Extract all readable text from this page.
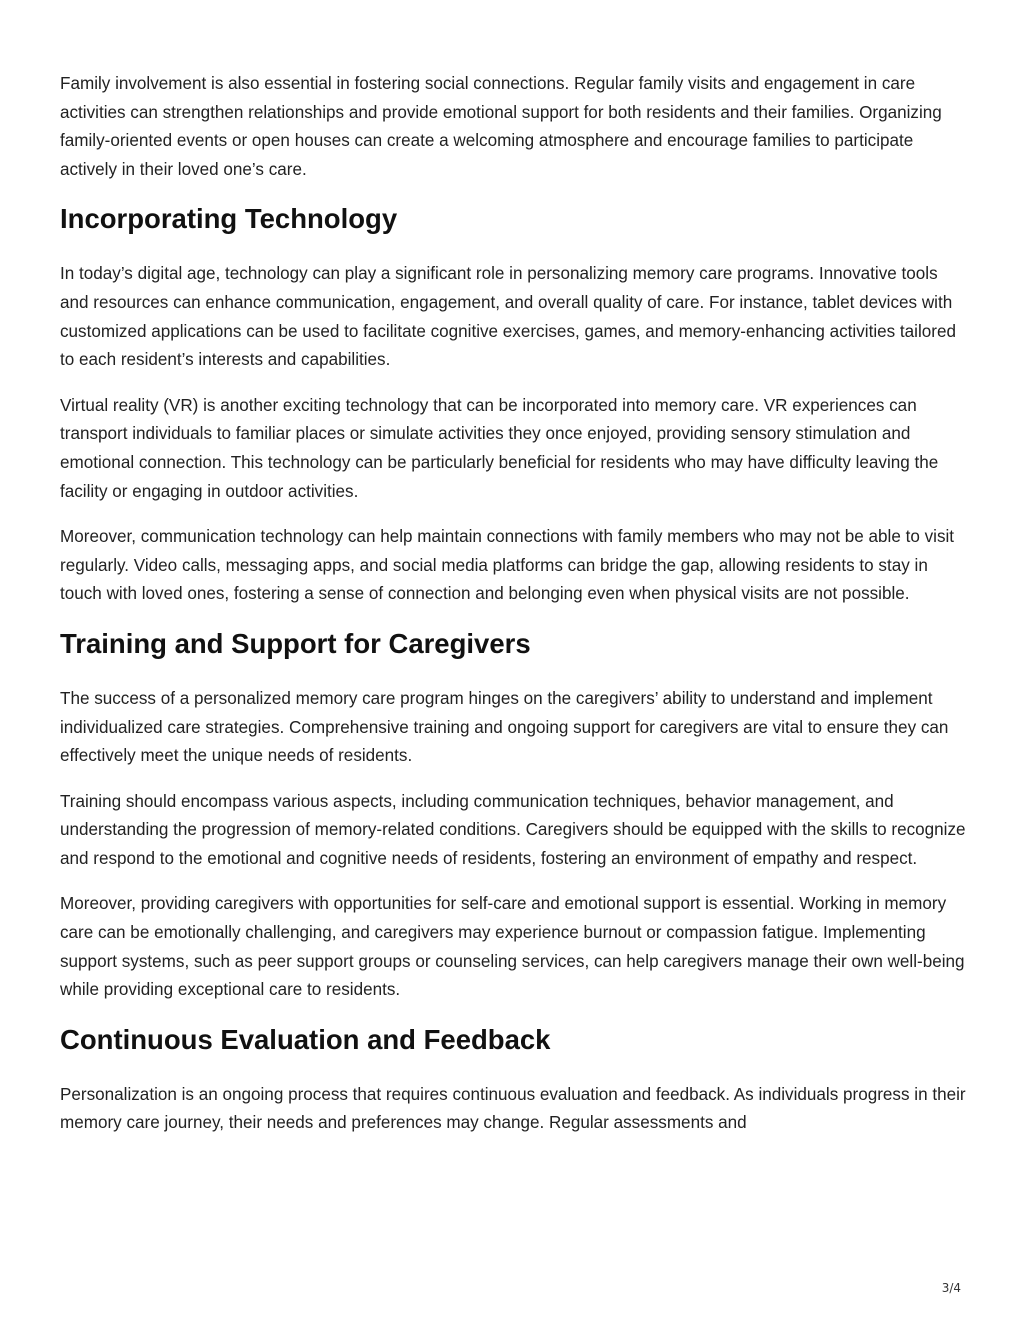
Family involvement is also essential in fostering social connections. Regular family visits and engagement in care activities can strengthen relationships and provide emotional support for both residents and their families. Organizing family-oriented events or open houses can create a welcoming atmosphere and encourage families to participate actively in their loved one’s care.

Incorporating Technology

In today’s digital age, technology can play a significant role in personalizing memory care programs. Innovative tools and resources can enhance communication, engagement, and overall quality of care. For instance, tablet devices with customized applications can be used to facilitate cognitive exercises, games, and memory-enhancing activities tailored to each resident’s interests and capabilities.

Virtual reality (VR) is another exciting technology that can be incorporated into memory care. VR experiences can transport individuals to familiar places or simulate activities they once enjoyed, providing sensory stimulation and emotional connection. This technology can be particularly beneficial for residents who may have difficulty leaving the facility or engaging in outdoor activities.

Moreover, communication technology can help maintain connections with family members who may not be able to visit regularly. Video calls, messaging apps, and social media platforms can bridge the gap, allowing residents to stay in touch with loved ones, fostering a sense of connection and belonging even when physical visits are not possible.

Training and Support for Caregivers

The success of a personalized memory care program hinges on the caregivers’ ability to understand and implement individualized care strategies. Comprehensive training and ongoing support for caregivers are vital to ensure they can effectively meet the unique needs of residents.

Training should encompass various aspects, including communication techniques, behavior management, and understanding the progression of memory-related conditions. Caregivers should be equipped with the skills to recognize and respond to the emotional and cognitive needs of residents, fostering an environment of empathy and respect.

Moreover, providing caregivers with opportunities for self-care and emotional support is essential. Working in memory care can be emotionally challenging, and caregivers may experience burnout or compassion fatigue. Implementing support systems, such as peer support groups or counseling services, can help caregivers manage their own well-being while providing exceptional care to residents.

Continuous Evaluation and Feedback

Personalization is an ongoing process that requires continuous evaluation and feedback. As individuals progress in their memory care journey, their needs and preferences may change. Regular assessments and

3/4
